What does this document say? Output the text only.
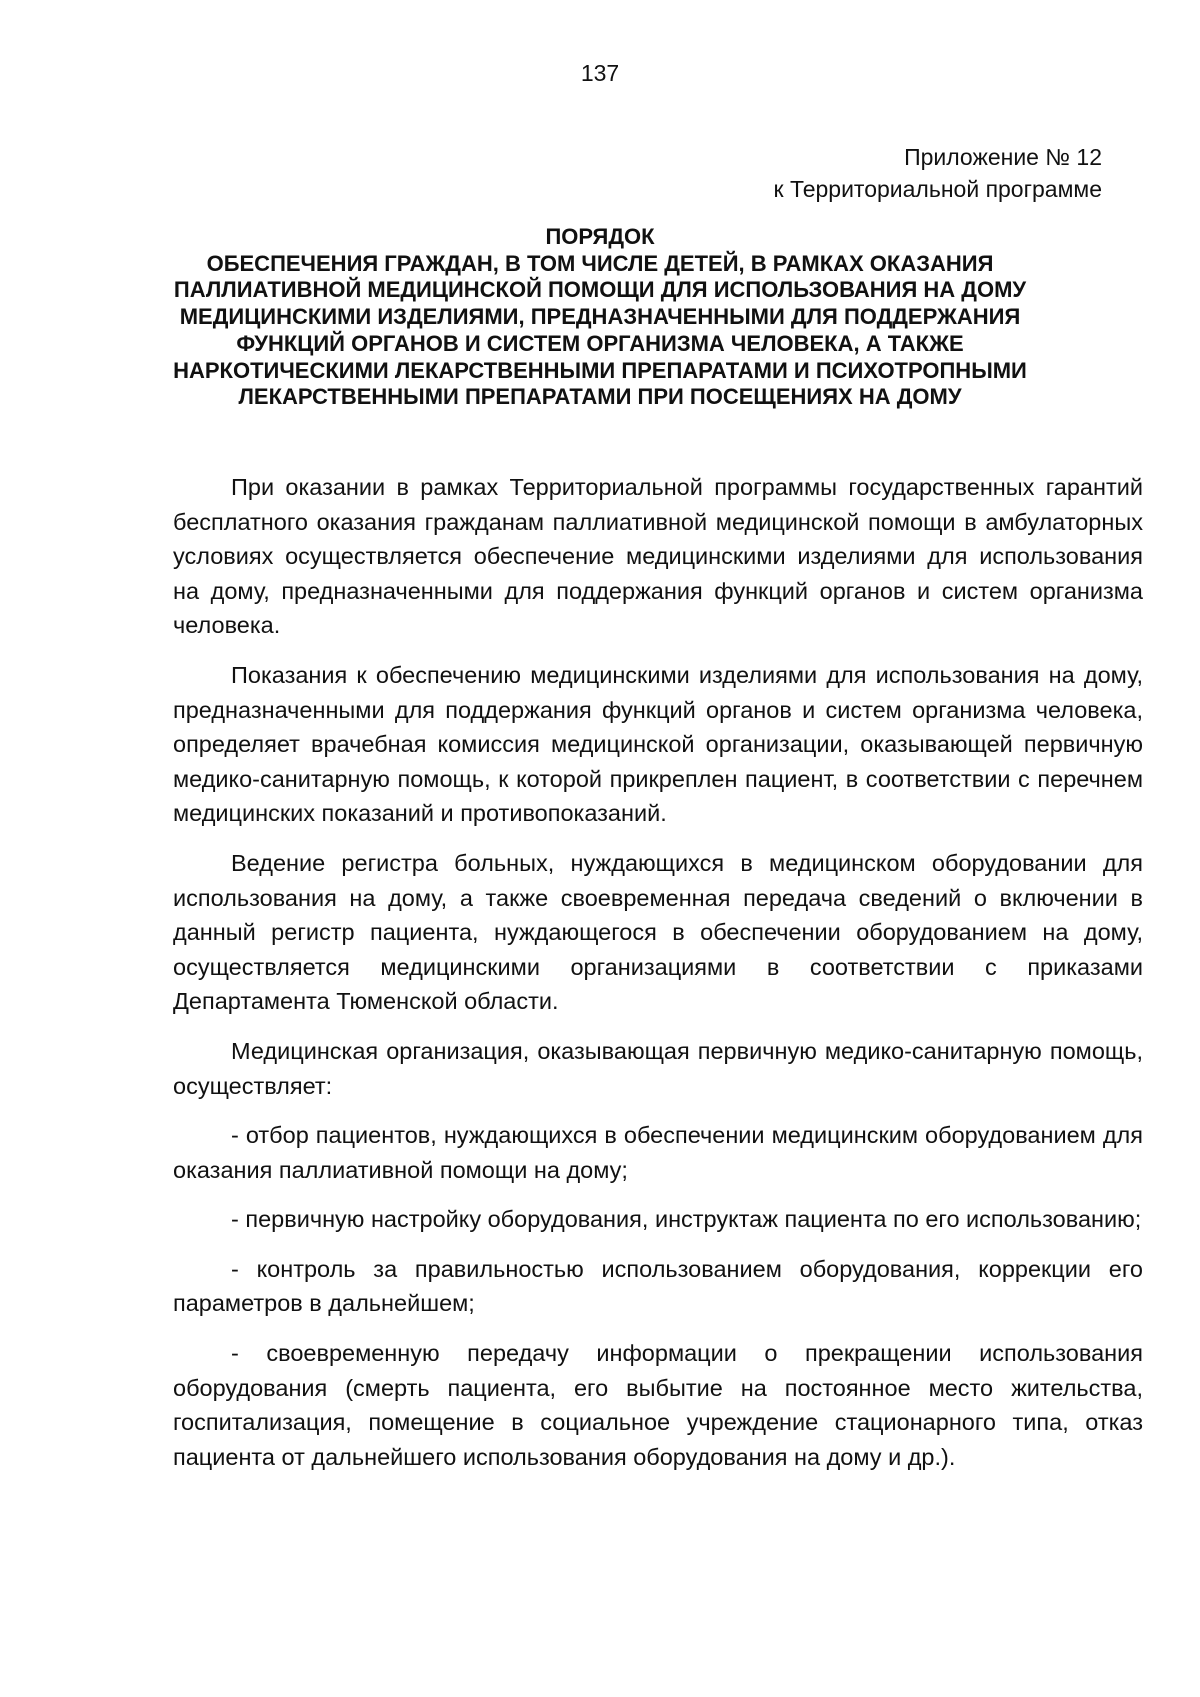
137
Приложение № 12
к Территориальной программе
ПОРЯДОК
ОБЕСПЕЧЕНИЯ ГРАЖДАН, В ТОМ ЧИСЛЕ ДЕТЕЙ, В РАМКАХ ОКАЗАНИЯ
ПАЛЛИАТИВНОЙ МЕДИЦИНСКОЙ ПОМОЩИ ДЛЯ ИСПОЛЬЗОВАНИЯ НА ДОМУ
МЕДИЦИНСКИМИ ИЗДЕЛИЯМИ, ПРЕДНАЗНАЧЕННЫМИ ДЛЯ ПОДДЕРЖАНИЯ
ФУНКЦИЙ ОРГАНОВ И СИСТЕМ ОРГАНИЗМА ЧЕЛОВЕКА, А ТАКЖЕ
НАРКОТИЧЕСКИМИ ЛЕКАРСТВЕННЫМИ ПРЕПАРАТАМИ И ПСИХОТРОПНЫМИ
ЛЕКАРСТВЕННЫМИ ПРЕПАРАТАМИ ПРИ ПОСЕЩЕНИЯХ НА ДОМУ

При оказании в рамках Территориальной программы государственных гарантий бесплатного оказания гражданам паллиативной медицинской помощи в амбулаторных условиях осуществляется обеспечение медицинскими изделиями для использования на дому, предназначенными для поддержания функций органов и систем организма человека.

Показания к обеспечению медицинскими изделиями для использования на дому, предназначенными для поддержания функций органов и систем организма человека, определяет врачебная комиссия медицинской организации, оказывающей первичную медико-санитарную помощь, к которой прикреплен пациент, в соответствии с перечнем медицинских показаний и противопоказаний.

Ведение регистра больных, нуждающихся в медицинском оборудовании для использования на дому, а также своевременная передача сведений о включении в данный регистр пациента, нуждающегося в обеспечении оборудованием на дому, осуществляется медицинскими организациями в соответствии с приказами Департамента Тюменской области.

Медицинская организация, оказывающая первичную медико-санитарную помощь, осуществляет:

- отбор пациентов, нуждающихся в обеспечении медицинским оборудованием для оказания паллиативной помощи на дому;

- первичную настройку оборудования, инструктаж пациента по его использованию;

- контроль за правильностью использованием оборудования, коррекции его параметров в дальнейшем;

- своевременную передачу информации о прекращении использования оборудования (смерть пациента, его выбытие на постоянное место жительства, госпитализация, помещение в социальное учреждение стационарного типа, отказ пациента от дальнейшего использования оборудования на дому и др.).
